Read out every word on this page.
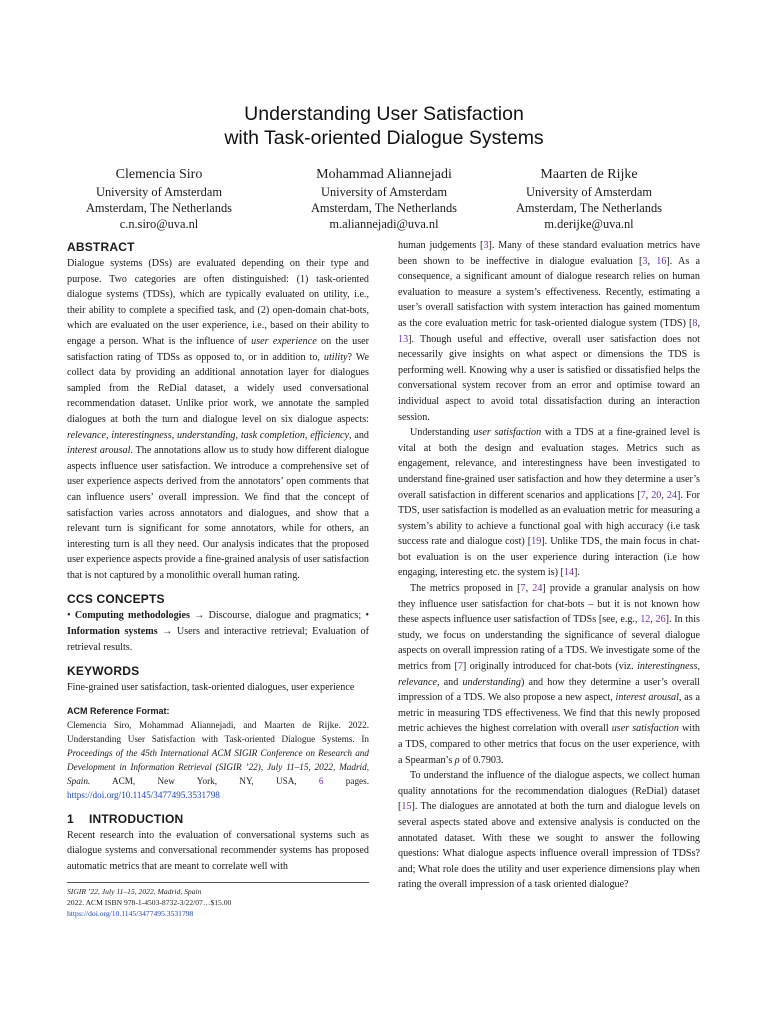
Understanding User Satisfaction
with Task-oriented Dialogue Systems
Clemencia Siro
University of Amsterdam
Amsterdam, The Netherlands
c.n.siro@uva.nl
Mohammad Aliannejadi
University of Amsterdam
Amsterdam, The Netherlands
m.aliannejadi@uva.nl
Maarten de Rijke
University of Amsterdam
Amsterdam, The Netherlands
m.derijke@uva.nl
ABSTRACT

Dialogue systems (DSs) are evaluated depending on their type and purpose. Two categories are often distinguished: (1) task-oriented dialogue systems (TDSs), which are typically evaluated on utility, i.e., their ability to complete a specified task, and (2) open-domain chat-bots, which are evaluated on the user experience, i.e., based on their ability to engage a person. What is the influence of user experience on the user satisfaction rating of TDSs as opposed to, or in addition to, utility? We collect data by providing an additional annotation layer for dialogues sampled from the ReDial dataset, a widely used conversational recommendation dataset. Unlike prior work, we annotate the sampled dialogues at both the turn and dialogue level on six dialogue aspects: relevance, interestingness, understanding, task completion, efficiency, and interest arousal. The annotations allow us to study how different dialogue aspects influence user satisfaction. We introduce a comprehensive set of user experience aspects derived from the annotators’ open comments that can influence users’ overall impression. We find that the concept of satisfaction varies across annotators and dialogues, and show that a relevant turn is significant for some annotators, while for others, an interesting turn is all they need. Our analysis indicates that the proposed user experience aspects provide a fine-grained analysis of user satisfaction that is not captured by a monolithic overall human rating.

CCS CONCEPTS

• Computing methodologies → Discourse, dialogue and pragmatics; • Information systems → Users and interactive retrieval; Evaluation of retrieval results.

KEYWORDS

Fine-grained user satisfaction, task-oriented dialogues, user experience

ACM Reference Format:
Clemencia Siro, Mohammad Aliannejadi, and Maarten de Rijke. 2022. Understanding User Satisfaction with Task-oriented Dialogue Systems. In Proceedings of the 45th International ACM SIGIR Conference on Research and Development in Information Retrieval (SIGIR ’22), July 11–15, 2022, Madrid, Spain. ACM, New York, NY, USA, 6 pages. https://doi.org/10.1145/3477495.3531798
1 INTRODUCTION

Recent research into the evaluation of conversational systems such as dialogue systems and conversational recommender systems has proposed automatic metrics that are meant to correlate well with

SIGIR ’22, July 11–15, 2022, Madrid, Spain
2022. ACM ISBN 978-1-4503-8732-3/22/07…$15.00
https://doi.org/10.1145/3477495.3531798

human judgements [3]. Many of these standard evaluation metrics have been shown to be ineffective in dialogue evaluation [3, 16]. As a consequence, a significant amount of dialogue research relies on human evaluation to measure a system’s effectiveness. Recently, estimating a user’s overall satisfaction with system interaction has gained momentum as the core evaluation metric for task-oriented dialogue system (TDS) [8, 13]. Though useful and effective, overall user satisfaction does not necessarily give insights on what aspect or dimensions the TDS is performing well. Knowing why a user is satisfied or dissatisfied helps the conversational system recover from an error and optimise toward an individual aspect to avoid total dissatisfaction during an interaction session.

Understanding user satisfaction with a TDS at a fine-grained level is vital at both the design and evaluation stages. Metrics such as engagement, relevance, and interestingness have been investigated to understand fine-grained user satisfaction and how they determine a user’s overall satisfaction in different scenarios and applications [7, 20, 24]. For TDS, user satisfaction is modelled as an evaluation metric for measuring a system’s ability to achieve a functional goal with high accuracy (i.e task success rate and dialogue cost) [19]. Unlike TDS, the main focus in chat-bot evaluation is on the user experience during interaction (i.e how engaging, interesting etc. the system is) [14].

The metrics proposed in [7, 24] provide a granular analysis on how they influence user satisfaction for chat-bots – but it is not known how these aspects influence user satisfaction of TDSs [see, e.g., 12, 26]. In this study, we focus on understanding the significance of several dialogue aspects on overall impression rating of a TDS. We investigate some of the metrics from [7] originally introduced for chat-bots (viz. interestingness, relevance, and understanding) and how they determine a user’s overall impression of a TDS. We also propose a new aspect, interest arousal, as a metric in measuring TDS effectiveness. We find that this newly proposed metric achieves the highest correlation with overall user satisfaction with a TDS, compared to other metrics that focus on the user experience, with a Spearman’s ρ of 0.7903.

To understand the influence of the dialogue aspects, we collect human quality annotations for the recommendation dialogues (ReDial) dataset [15]. The dialogues are annotated at both the turn and dialogue levels on several aspects stated above and extensive analysis is conducted on the annotated dataset. With these we sought to answer the following questions: What dialogue aspects influence overall impression of TDSs? and; What role does the utility and user experience dimensions play when rating the overall impression of a task oriented dialogue?
